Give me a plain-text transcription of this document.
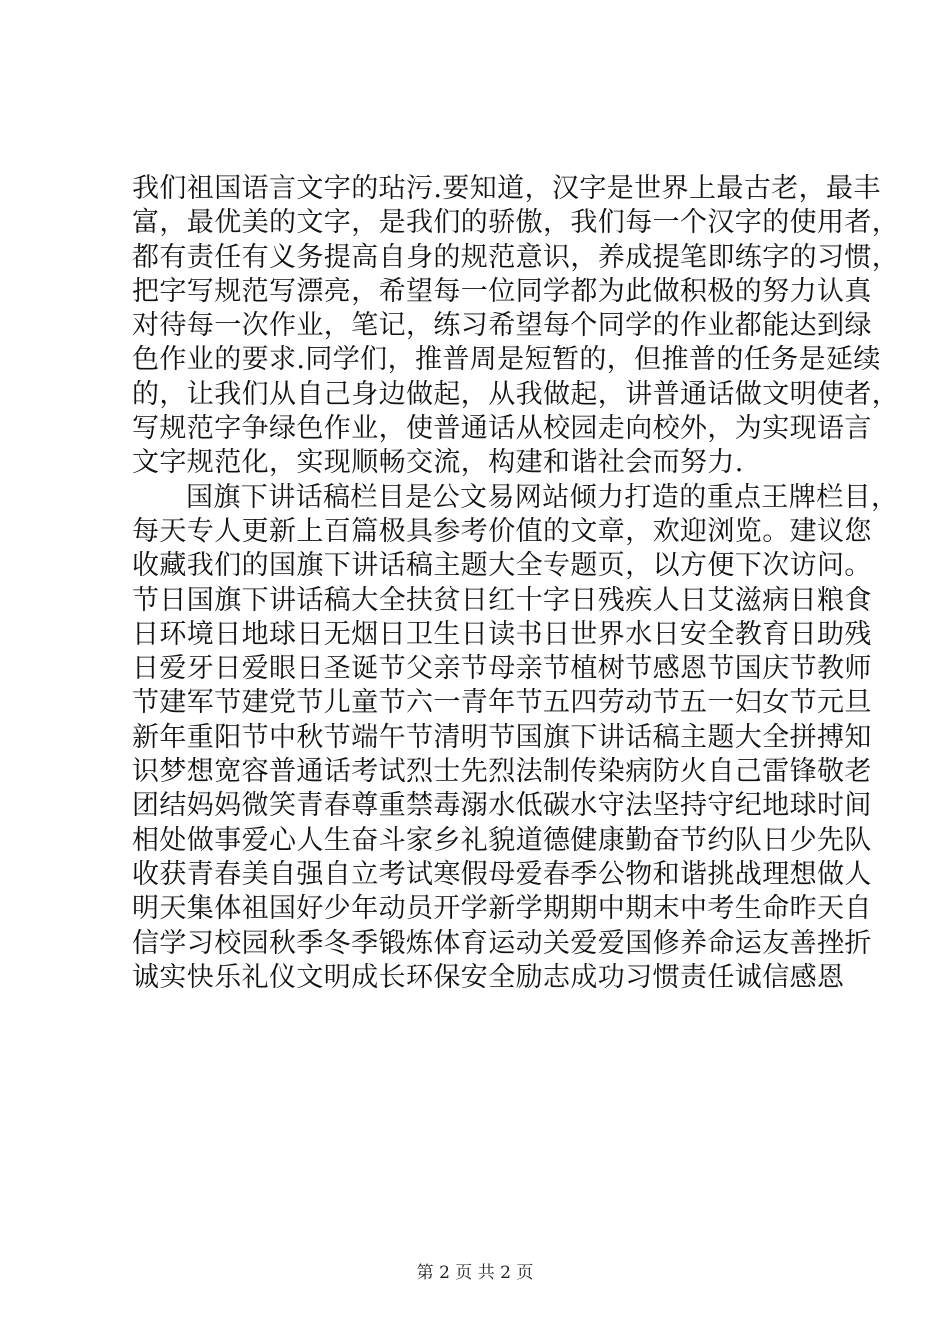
我们祖国语言文字的玷污.要知道，汉字是世界上最古老，最丰
富，最优美的文字，是我们的骄傲，我们每一个汉字的使用者，
都有责任有义务提高自身的规范意识，养成提笔即练字的习惯，
把字写规范写漂亮，希望每一位同学都为此做积极的努力认真
对待每一次作业，笔记，练习希望每个同学的作业都能达到绿
色作业的要求.同学们，推普周是短暂的，但推普的任务是延续
的，让我们从自己身边做起，从我做起，讲普通话做文明使者，
写规范字争绿色作业，使普通话从校园走向校外，为实现语言
文字规范化，实现顺畅交流，构建和谐社会而努力.
国旗下讲话稿栏目是公文易网站倾力打造的重点王牌栏目，
每天专人更新上百篇极具参考价值的文章，欢迎浏览。建议您
收藏我们的国旗下讲话稿主题大全专题页，以方便下次访问。
节日国旗下讲话稿大全扶贫日红十字日残疾人日艾滋病日粮食
日环境日地球日无烟日卫生日读书日世界水日安全教育日助残
日爱牙日爱眼日圣诞节父亲节母亲节植树节感恩节国庆节教师
节建军节建党节儿童节六一青年节五四劳动节五一妇女节元旦
新年重阳节中秋节端午节清明节国旗下讲话稿主题大全拼搏知
识梦想宽容普通话考试烈士先烈法制传染病防火自己雷锋敬老
团结妈妈微笑青春尊重禁毒溺水低碳水守法坚持守纪地球时间
相处做事爱心人生奋斗家乡礼貌道德健康勤奋节约队日少先队
收获青春美自强自立考试寒假母爱春季公物和谐挑战理想做人
明天集体祖国好少年动员开学新学期期中期末中考生命昨天自
信学习校园秋季冬季锻炼体育运动关爱爱国修养命运友善挫折
诚实快乐礼仪文明成长环保安全励志成功习惯责任诚信感恩
第 2 页 共 2 页
